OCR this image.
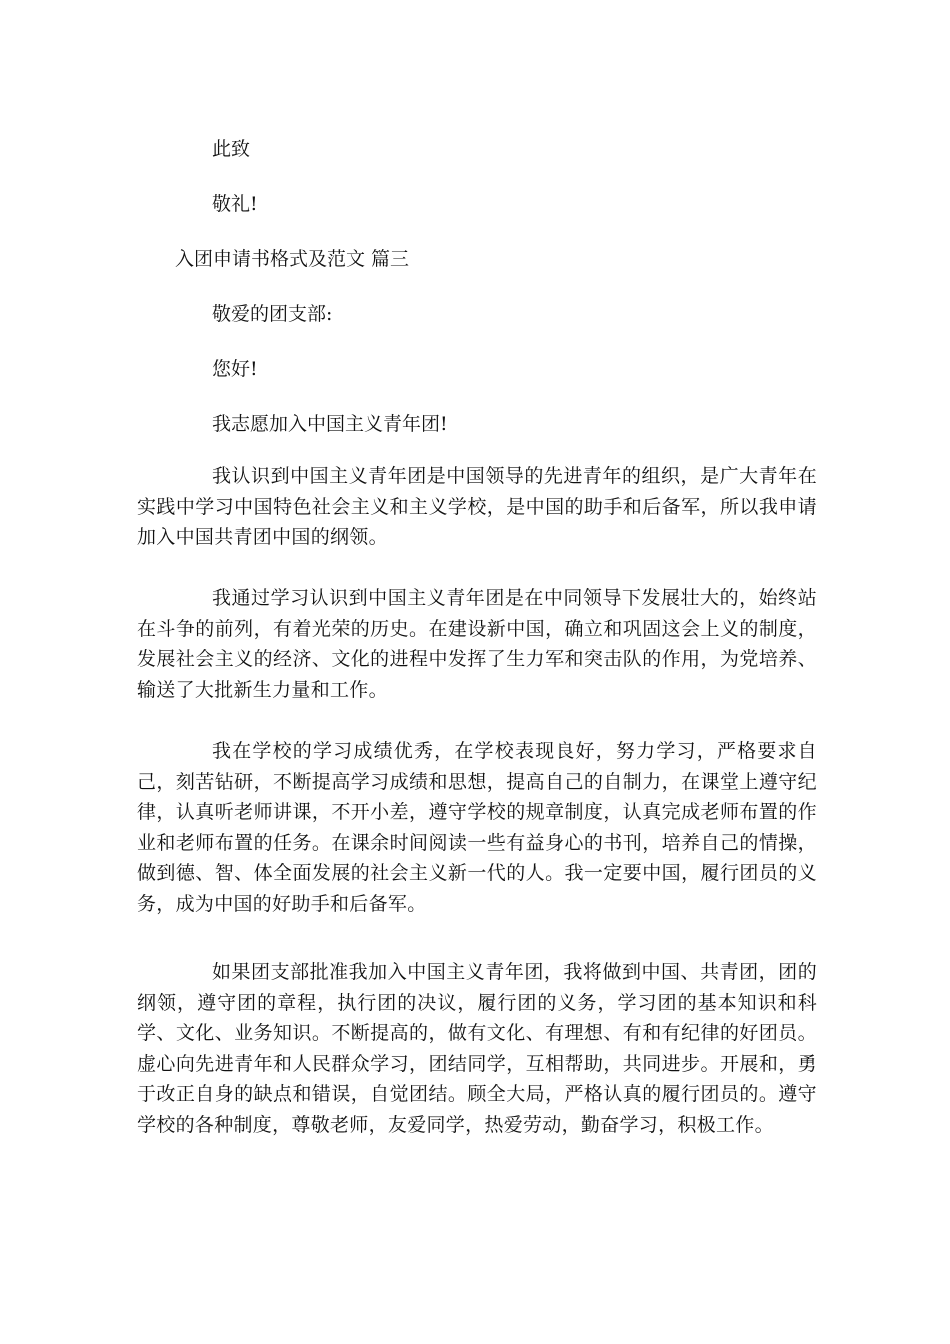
此致

敬礼!

入团申请书格式及范文 篇三

敬爱的团支部:

您好!

我志愿加入中国主义青年团!

我认识到中国主义青年团是中国领导的先进青年的组织，是广大青年在实践中学习中国特色社会主义和主义学校，是中国的助手和后备军，所以我申请加入中国共青团中国的纲领。

我通过学习认识到中国主义青年团是在中同领导下发展壮大的，始终站在斗争的前列，有着光荣的历史。在建设新中国，确立和巩固这会上义的制度，发展社会主义的经济、文化的进程中发挥了生力军和突击队的作用，为党培养、输送了大批新生力量和工作。

我在学校的学习成绩优秀，在学校表现良好，努力学习，严格要求自己，刻苦钻研，不断提高学习成绩和思想，提高自己的自制力，在课堂上遵守纪律，认真听老师讲课，不开小差，遵守学校的规章制度，认真完成老师布置的作业和老师布置的任务。在课余时间阅读一些有益身心的书刊，培养自己的情操，做到德、智、体全面发展的社会主义新一代的人。我一定要中国，履行团员的义务，成为中国的好助手和后备军。

如果团支部批准我加入中国主义青年团，我将做到中国、共青团，团的纲领，遵守团的章程，执行团的决议，履行团的义务，学习团的基本知识和科学、文化、业务知识。不断提高的，做有文化、有理想、有和有纪律的好团员。虚心向先进青年和人民群众学习，团结同学，互相帮助，共同进步。开展和，勇于改正自身的缺点和错误，自觉团结。顾全大局，严格认真的履行团员的。遵守学校的各种制度，尊敬老师，友爱同学，热爱劳动，勤奋学习，积极工作。
